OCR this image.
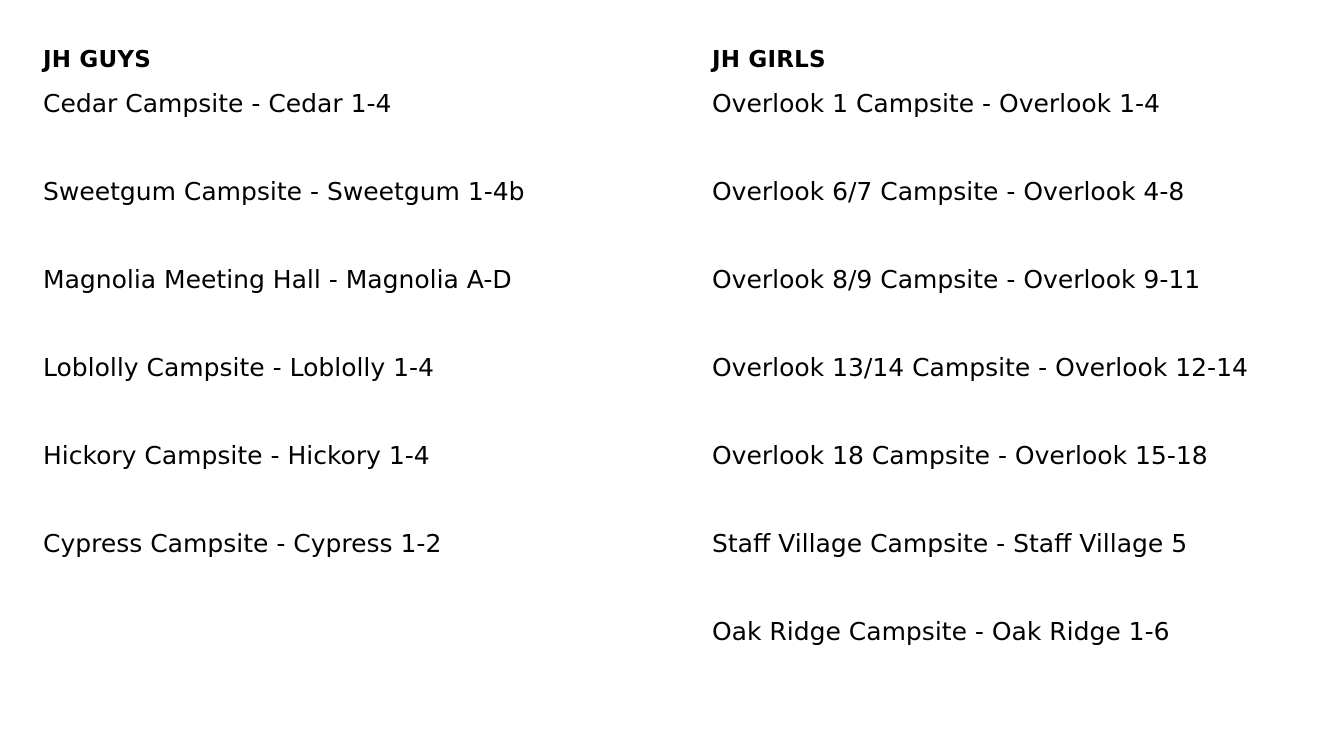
JH GUYS
Cedar Campsite - Cedar 1-4
Sweetgum Campsite - Sweetgum 1-4b
Magnolia Meeting Hall - Magnolia A-D
Loblolly Campsite - Loblolly 1-4
Hickory Campsite - Hickory 1-4
Cypress Campsite - Cypress 1-2
JH GIRLS
Overlook 1 Campsite - Overlook 1-4
Overlook 6/7 Campsite - Overlook 4-8
Overlook 8/9 Campsite - Overlook 9-11
Overlook 13/14 Campsite - Overlook 12-14
Overlook 18 Campsite - Overlook 15-18
Staff Village Campsite - Staff Village 5
Oak Ridge Campsite - Oak Ridge 1-6
